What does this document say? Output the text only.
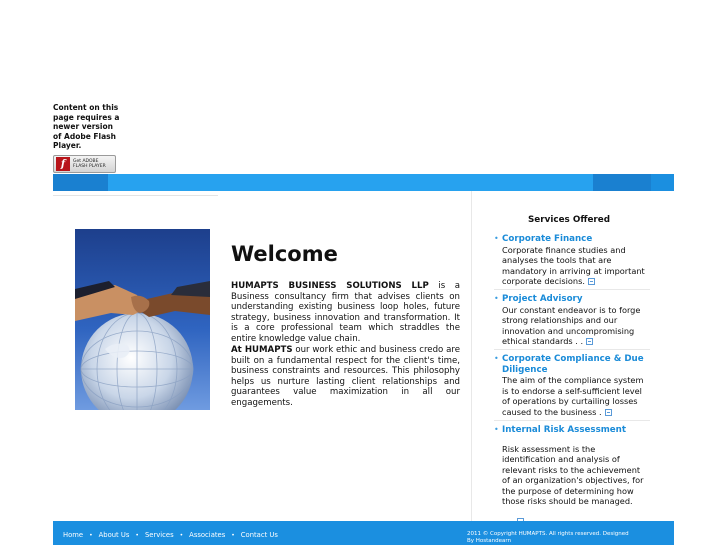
Content on this page requires a newer version of Adobe Flash Player.
f	Get ADOBE
FLASH PLAYER
Welcome
HUMAPTS BUSINESS SOLUTIONS LLP is a Business consultancy firm that advises clients on understanding existing business loop holes, future strategy, business innovation and transformation. It is a core professional team which straddles the entire knowledge value chain.
At HUMAPTS our work ethic and business credo are built on a fundamental respect for the client's time, business constraints and resources. This philosophy helps us nurture lasting client relationships and guarantees value maximization in all our engagements.
Services Offered
• Corporate Finance
Corporate finance studies and analyses the tools that are mandatory in arriving at important corporate decisions.
• Project Advisory
Our constant endeavor is to forge strong relationships and our innovation and uncompromising ethical standards . .
• Corporate Compliance & Due Diligence
The aim of the compliance system is to endorse a self-sufficient level of operations by curtailing losses caused to the business .
• Internal Risk Assessment
Risk assessment is the identification and analysis of relevant risks to the achievement of an organization's objectives, for the purpose of determining how those risks should be managed.
Home • About Us • Services • Associates • Contact Us	2011 © Copyright HUMAPTS. All rights reserved. Designed
By Hostandearn
